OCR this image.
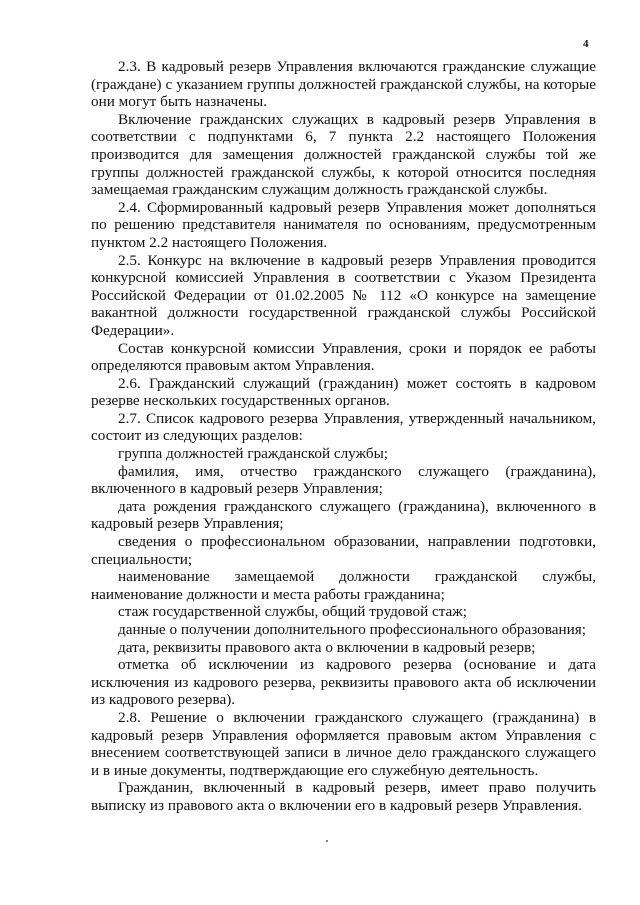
4

2.3. В кадровый резерв Управления включаются гражданские служащие (граждане) с указанием группы должностей гражданской службы, на которые они могут быть назначены.

Включение гражданских служащих в кадровый резерв Управления в соответствии с подпунктами 6, 7 пункта 2.2 настоящего Положения производится для замещения должностей гражданской службы той же группы должностей гражданской службы, к которой относится последняя замещаемая гражданским служащим должность гражданской службы.

2.4. Сформированный кадровый резерв Управления может дополняться по решению представителя нанимателя по основаниям, предусмотренным пунктом 2.2 настоящего Положения.

2.5. Конкурс на включение в кадровый резерв Управления проводится конкурсной комиссией Управления в соответствии с Указом Президента Российской Федерации от 01.02.2005 № 112 «О конкурсе на замещение вакантной должности государственной гражданской службы Российской Федерации».

Состав конкурсной комиссии Управления, сроки и порядок ее работы определяются правовым актом Управления.

2.6. Гражданский служащий (гражданин) может состоять в кадровом резерве нескольких государственных органов.

2.7. Список кадрового резерва Управления, утвержденный начальником, состоит из следующих разделов:

группа должностей гражданской службы;

фамилия, имя, отчество гражданского служащего (гражданина), включенного в кадровый резерв Управления;

дата рождения гражданского служащего (гражданина), включенного в кадровый резерв Управления;

сведения о профессиональном образовании, направлении подготовки, специальности;

наименование замещаемой должности гражданской службы, наименование должности и места работы гражданина;

стаж государственной службы, общий трудовой стаж;

данные о получении дополнительного профессионального образования;

дата, реквизиты правового акта о включении в кадровый резерв;

отметка об исключении из кадрового резерва (основание и дата исключения из кадрового резерва, реквизиты правового акта об исключении из кадрового резерва).

2.8. Решение о включении гражданского служащего (гражданина) в кадровый резерв Управления оформляется правовым актом Управления с внесением соответствующей записи в личное дело гражданского служащего и в иные документы, подтверждающие его служебную деятельность.

Гражданин, включенный в кадровый резерв, имеет право получить выписку из правового акта о включении его в кадровый резерв Управления.
